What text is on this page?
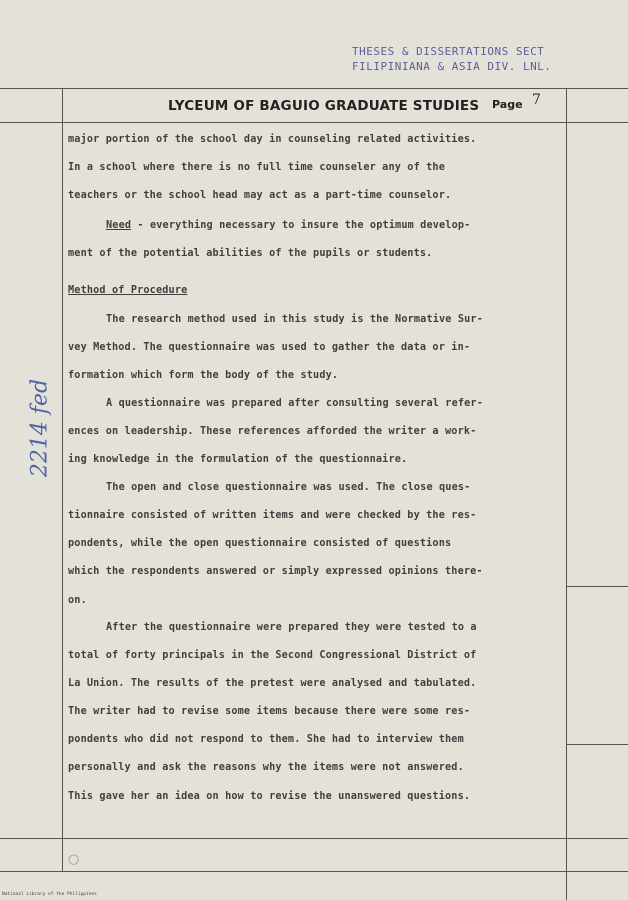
THESES & DISSERTATIONS SECT
FILIPINIANA & ASIA DIV. LNL.
LYCEUM OF BAGUIO GRADUATE STUDIES Page 7
2214 fed
○
major portion of the school day in counseling related activities.
In a school where there is no full time counseler any of the
teachers or the school head may act as a part-time counselor.
Need - everything necessary to insure the optimum develop-
ment of the potential abilities of the pupils or students.
Method of Procedure
The research method used in this study is the Normative Sur-
vey Method. The questionnaire was used to gather the data or in-
formation which form the body of the study.
A questionnaire was prepared after consulting several refer-
ences on leadership. These references afforded the writer a work-
ing knowledge in the formulation of the questionnaire.
The open and close questionnaire was used. The close ques-
tionnaire consisted of written items and were checked by the res-
pondents, while the open questionnaire consisted of questions
which the respondents answered or simply expressed opinions there-
on.
After the questionnaire were prepared they were tested to a
total of forty principals in the Second Congressional District of
La Union. The results of the pretest were analysed and tabulated.
The writer had to revise some items because there were some res-
pondents who did not respond to them. She had to interview them
personally and ask the reasons why the items were not answered.
This gave her an idea on how to revise the unanswered questions.
National Library of the Philippines
